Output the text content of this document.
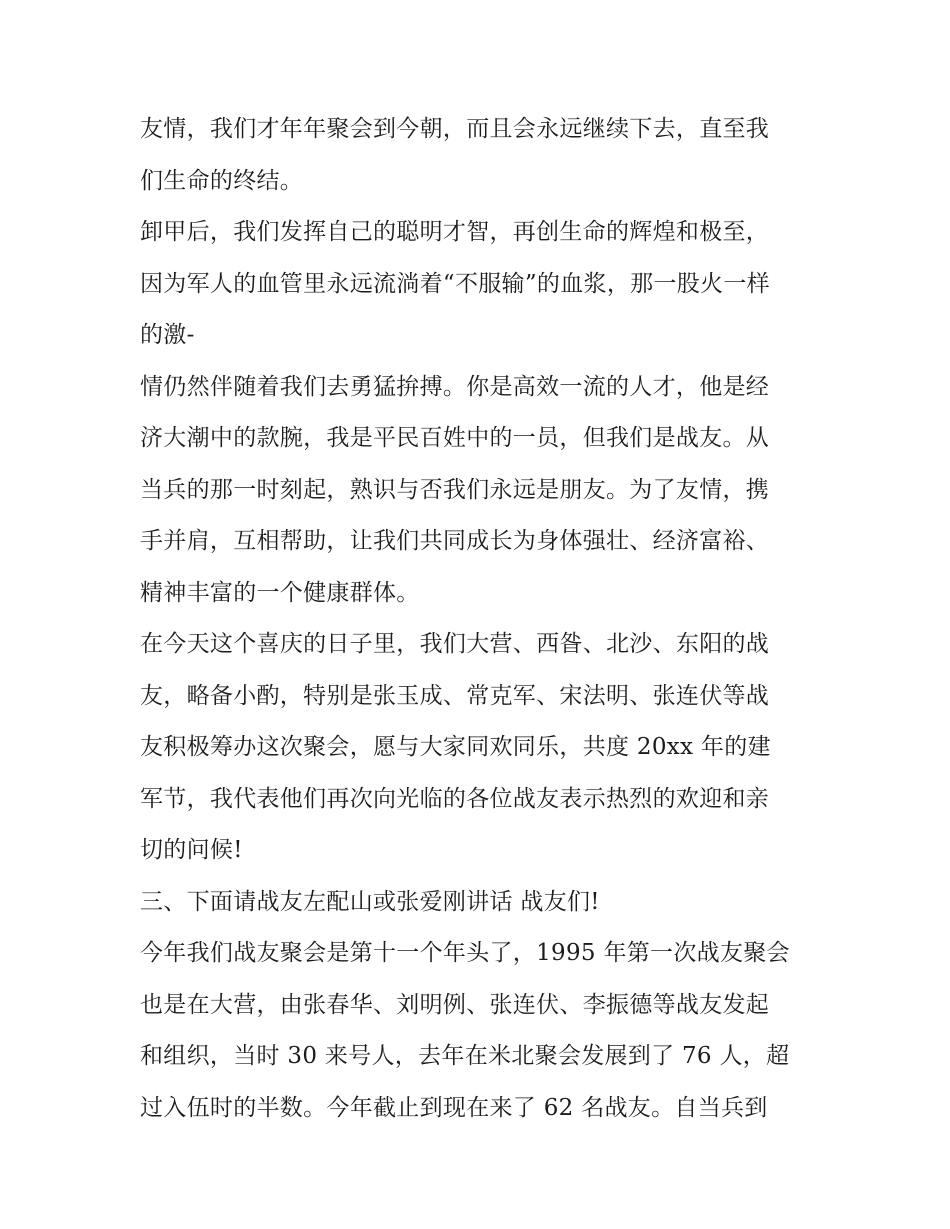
友情，我们才年年聚会到今朝，而且会永远继续下去，直至我
们生命的终结。
卸甲后，我们发挥自己的聪明才智，再创生命的辉煌和极至，
因为军人的血管里永远流淌着“不服输”的血浆，那一股火一样
的激-
情仍然伴随着我们去勇猛拚搏。你是高效一流的人才，他是经
济大潮中的款腕，我是平民百姓中的一员，但我们是战友。从
当兵的那一时刻起，熟识与否我们永远是朋友。为了友情，携
手并肩，互相帮助，让我们共同成长为身体强壮、经济富裕、
精神丰富的一个健康群体。
在今天这个喜庆的日子里，我们大营、西昝、北沙、东阳的战
友，略备小酌，特别是张玉成、常克军、宋法明、张连伏等战
友积极筹办这次聚会，愿与大家同欢同乐，共度 20xx 年的建
军节，我代表他们再次向光临的各位战友表示热烈的欢迎和亲
切的问候!
三、下面请战友左配山或张爱刚讲话 战友们!
今年我们战友聚会是第十一个年头了，1995 年第一次战友聚会
也是在大营，由张春华、刘明例、张连伏、李振德等战友发起
和组织，当时 30 来号人，去年在米北聚会发展到了 76 人，超
过入伍时的半数。今年截止到现在来了 62 名战友。自当兵到
